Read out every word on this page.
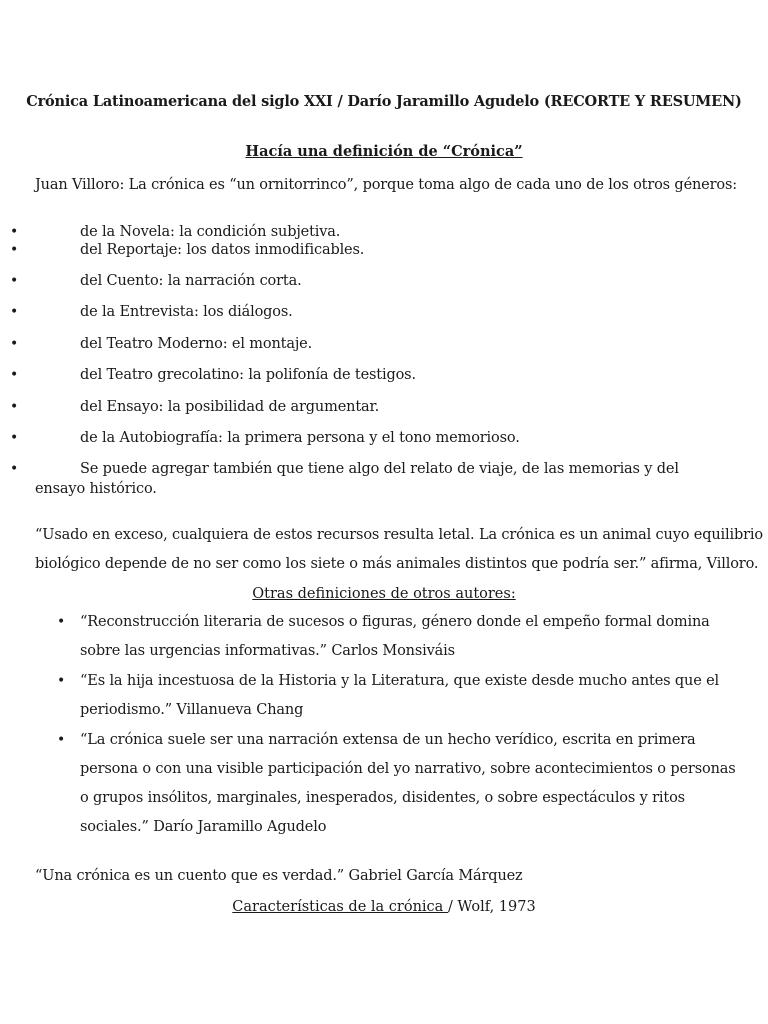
Crónica Latinoamericana del siglo XXI / Darío Jaramillo Agudelo (RECORTE Y RESUMEN)
Hacía una definición de “Crónica”
Juan Villoro: La crónica es “un ornitorrinco”, porque toma algo de cada uno de los otros géneros:
•	de la Novela: la condición subjetiva.
•	del Reportaje: los datos inmodificables.
•	del Cuento: la narración corta.
•	de la Entrevista: los diálogos.
•	del Teatro Moderno: el montaje.
•	del Teatro grecolatino: la polifonía de testigos.
•	del Ensayo: la posibilidad de argumentar.
•	de la Autobiografía: la primera persona y el tono memorioso.
•	Se puede agregar también que tiene algo del relato de viaje, de las memorias y del ensayo histórico.
“Usado en exceso, cualquiera de estos recursos resulta letal. La crónica es un animal cuyo equilibrio
biológico depende de no ser como los siete o más animales distintos que podría ser.” afirma, Villoro.
Otras definiciones de otros autores:
• “Reconstrucción literaria de sucesos o figuras, género donde el empeño formal domina sobre las urgencias informativas.” Carlos Monsiváis
• “Es la hija incestuosa de la Historia y la Literatura, que existe desde mucho antes que el periodismo.” Villanueva Chang
• “La crónica suele ser una narración extensa de un hecho verídico, escrita en primera persona o con una visible participación del yo narrativo, sobre acontecimientos o personas o grupos insólitos, marginales, inesperados, disidentes, o sobre espectáculos y ritos sociales.” Darío Jaramillo Agudelo
“Una crónica es un cuento que es verdad.” Gabriel García Márquez
Características de la crónica / Wolf, 1973
